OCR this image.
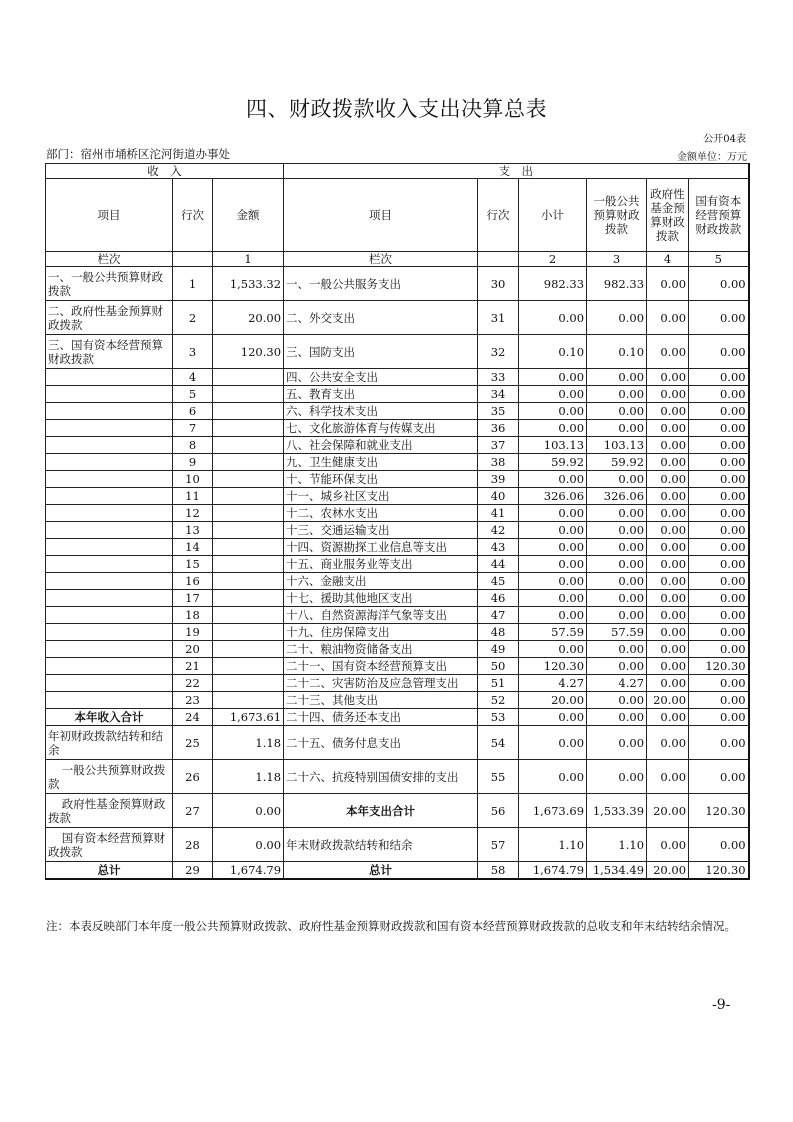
四、财政拨款收入支出决算总表
公开04表
部门：宿州市埇桥区沱河街道办事处	金额单位：万元
收　入			支　出					
项目	行次	金额	项目	行次	小计	一般公共预算财政拨款	政府性基金预算财政拨款	国有资本经营预算财政拨款
栏次		1	栏次		2	3	4	5
一、一般公共预算财政拨款	1	1,533.32	一、一般公共服务支出	30	982.33	982.33	0.00	0.00
二、政府性基金预算财政拨款	2	20.00	二、外交支出	31	0.00	0.00	0.00	0.00
三、国有资本经营预算财政拨款	3	120.30	三、国防支出	32	0.10	0.10	0.00	0.00
	4		四、公共安全支出	33	0.00	0.00	0.00	0.00
	5		五、教育支出	34	0.00	0.00	0.00	0.00
	6		六、科学技术支出	35	0.00	0.00	0.00	0.00
	7		七、文化旅游体育与传媒支出	36	0.00	0.00	0.00	0.00
	8		八、社会保障和就业支出	37	103.13	103.13	0.00	0.00
	9		九、卫生健康支出	38	59.92	59.92	0.00	0.00
	10		十、节能环保支出	39	0.00	0.00	0.00	0.00
	11		十一、城乡社区支出	40	326.06	326.06	0.00	0.00
	12		十二、农林水支出	41	0.00	0.00	0.00	0.00
	13		十三、交通运输支出	42	0.00	0.00	0.00	0.00
	14		十四、资源勘探工业信息等支出	43	0.00	0.00	0.00	0.00
	15		十五、商业服务业等支出	44	0.00	0.00	0.00	0.00
	16		十六、金融支出	45	0.00	0.00	0.00	0.00
	17		十七、援助其他地区支出	46	0.00	0.00	0.00	0.00
	18		十八、自然资源海洋气象等支出	47	0.00	0.00	0.00	0.00
	19		十九、住房保障支出	48	57.59	57.59	0.00	0.00
	20		二十、粮油物资储备支出	49	0.00	0.00	0.00	0.00
	21		二十一、国有资本经营预算支出	50	120.30	0.00	0.00	120.30
	22		二十二、灾害防治及应急管理支出	51	4.27	4.27	0.00	0.00
	23		二十三、其他支出	52	20.00	0.00	20.00	0.00
本年收入合计	24	1,673.61	二十四、债务还本支出	53	0.00	0.00	0.00	0.00
年初财政拨款结转和结余	25	1.18	二十五、债务付息支出	54	0.00	0.00	0.00	0.00
一般公共预算财政拨款	26	1.18	二十六、抗疫特别国债安排的支出	55	0.00	0.00	0.00	0.00
政府性基金预算财政拨款	27	0.00	本年支出合计	56	1,673.69	1,533.39	20.00	120.30
国有资本经营预算财政拨款	28	0.00	年末财政拨款结转和结余	57	1.10	1.10	0.00	0.00
总计	29	1,674.79	总计	58	1,674.79	1,534.49	20.00	120.30
注：本表反映部门本年度一般公共预算财政拨款、政府性基金预算财政拨款和国有资本经营预算财政拨款的总收支和年末结转结余情况。
-9-
